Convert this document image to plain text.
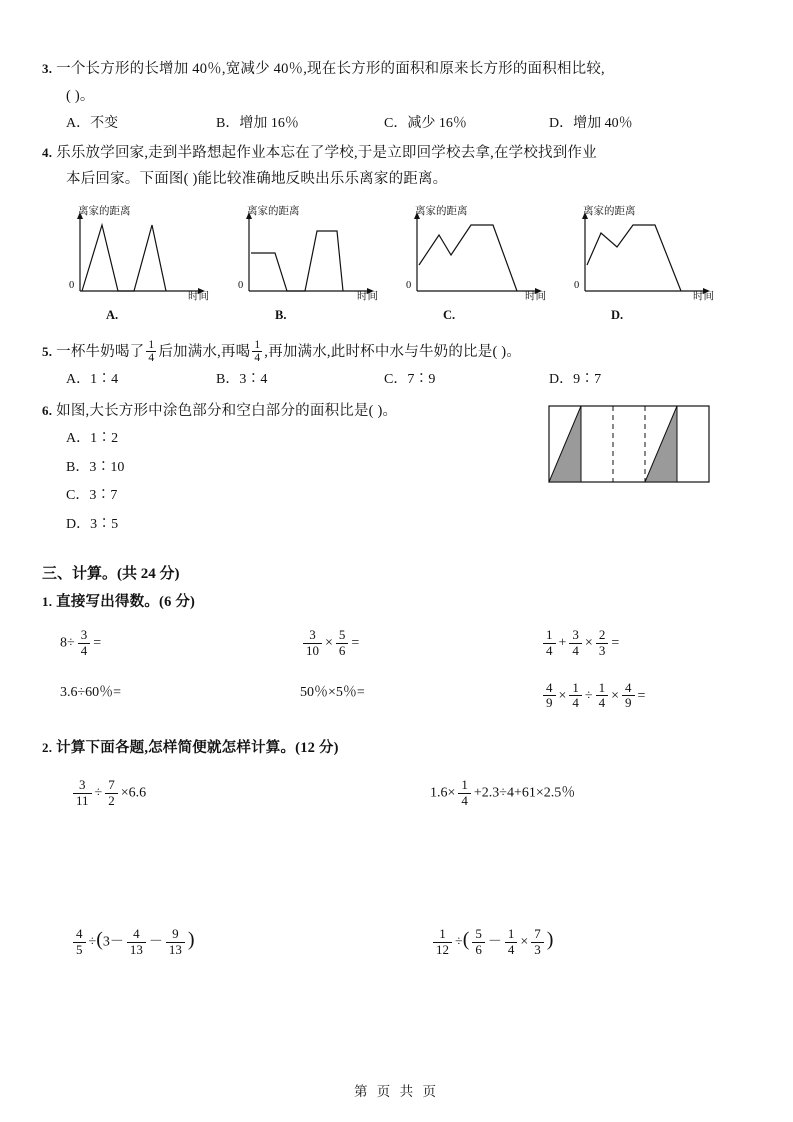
3. 一个长方形的长增加 40％,宽减少 40％,现在长方形的面积和原来长方形的面积相比较,
( )。
A．不变	B．增加 16％	C．减少 16％	D．增加 40％
4. 乐乐放学回家,走到半路想起作业本忘在了学校,于是立即回学校去拿,在学校找到作业
本后回家。下面图( )能比较准确地反映出乐乐离家的距离。
离家的距离
0
时间
A.
离家的距离
0
时间
B.
离家的距离
0
时间
C.
离家的距离
0
时间
D.
5. 一杯牛奶喝了 $\frac{1}{4}$ 后加满水,再喝 $\frac{1}{4}$ ,再加满水,此时杯中水与牛奶的比是( )。
A．1∶4	B．3∶4	C．7∶9	D．9∶7
6. 如图,大长方形中涂色部分和空白部分的面积比是( )。
A．1∶2
B．3∶10
C．3∶7
D．3∶5
三、计算。(共 24 分)
1. 直接写出得数。(6 分)
$8\div \frac{3}{4}$ =	$\frac{3}{10} \times \frac{5}{6}$ =	$\frac{1}{4} + \frac{3}{4} \times \frac{2}{3}$ =
3.6÷60％=	50％×5％=	$\frac{4}{9} \times \frac{1}{4} \div \frac{1}{4} \times \frac{4}{9}$ =
2. 计算下面各题,怎样简便就怎样计算。(12 分)
$\frac{3}{11} \div \frac{7}{2} \times 6.6$	$1.6\times \frac{1}{4} +2.3\div 4+61\times 2.5$％
$\frac{4}{5} \div(3- \frac{4}{13} - \frac{9}{13}$ )	$\frac{1}{12}$ ÷( $\frac{5}{6} - \frac{1}{4} \times \frac{7}{3}$ )
第 页 共 页
